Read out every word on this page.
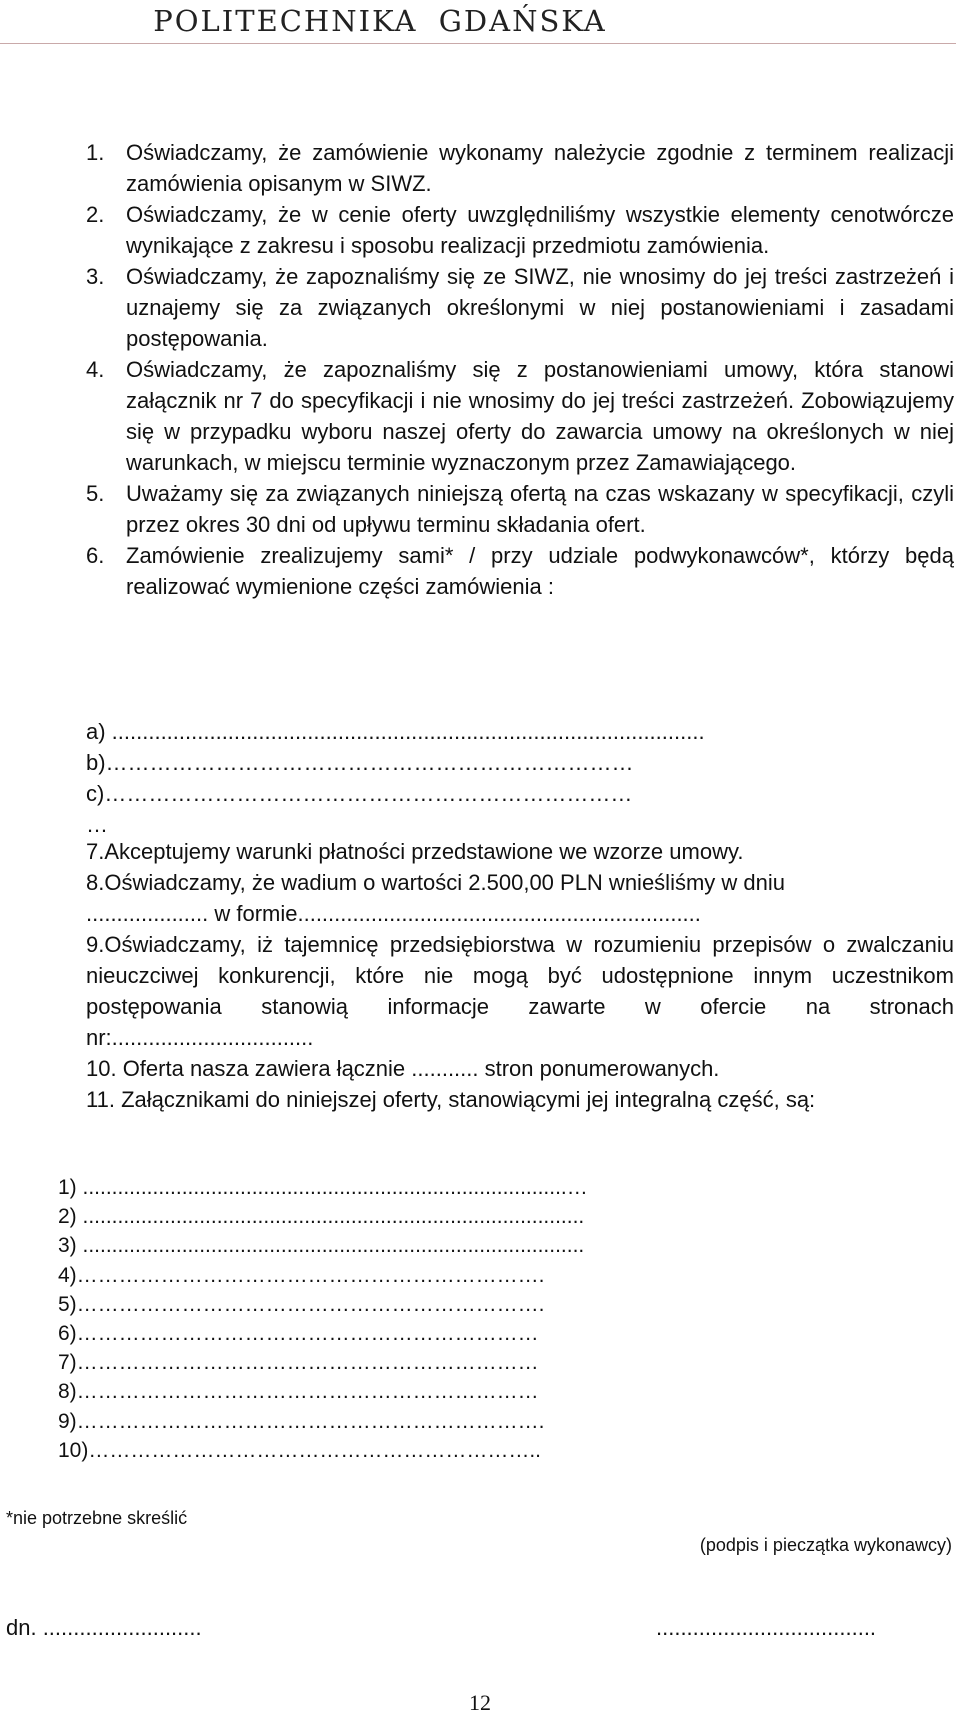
POLITECHNIKA GDAŃSKA
1. Oświadczamy, że zamówienie wykonamy należycie zgodnie z terminem realizacji zamówienia opisanym w SIWZ.
2. Oświadczamy, że w cenie oferty uwzględniliśmy wszystkie elementy cenotwórcze wynikające z zakresu i sposobu realizacji przedmiotu zamówienia.
3. Oświadczamy, że zapoznaliśmy się ze SIWZ, nie wnosimy do jej treści zastrzeżeń i uznajemy się za związanych określonymi w niej postanowieniami i zasadami postępowania.
4. Oświadczamy, że zapoznaliśmy się z postanowieniami umowy, która stanowi załącznik nr 7 do specyfikacji i nie wnosimy do jej treści zastrzeżeń. Zobowiązujemy się w przypadku wyboru naszej oferty do zawarcia umowy na określonych w niej warunkach, w miejscu terminie wyznaczonym przez Zamawiającego.
5. Uważamy się za związanych niniejszą ofertą na czas wskazany w specyfikacji, czyli przez okres 30 dni od upływu terminu składania ofert.
6. Zamówienie zrealizujemy sami* / przy udziale podwykonawców*, którzy będą realizować wymienione części zamówienia :
a) .................................................................................................
b)………………………………………………………………
c)………………………………………………………………
…

7.Akceptujemy warunki płatności przedstawione we wzorze umowy.

8.Oświadczamy, że wadium o wartości 2.500,00 PLN wnieśliśmy w dniu

.................... w formie..................................................................

9.Oświadczamy, iż tajemnicę przedsiębiorstwa w rozumieniu przepisów o zwalczaniu nieuczciwej konkurencji, które nie mogą być udostępnione innym uczestnikom postępowania stanowią informacje zawarte w ofercie na stronach nr:.................................

10. Oferta nasza zawiera łącznie ........... stron ponumerowanych.

11. Załącznikami do niniejszej oferty, stanowiącymi jej integralną część, są:

1) ...................................................................................…
2) ......................................................................................
3) ......................................................................................
4)………………………………………………………….
5)………………………………………………………….
6)…………………………………………………………
7)…………………………………………………………
8)…………………………………………………………
9)………………………………………………………….
10)………………………………………………………..
*nie potrzebne skreślić
(podpis i pieczątka wykonawcy)
dn. ..........................	....................................
12
